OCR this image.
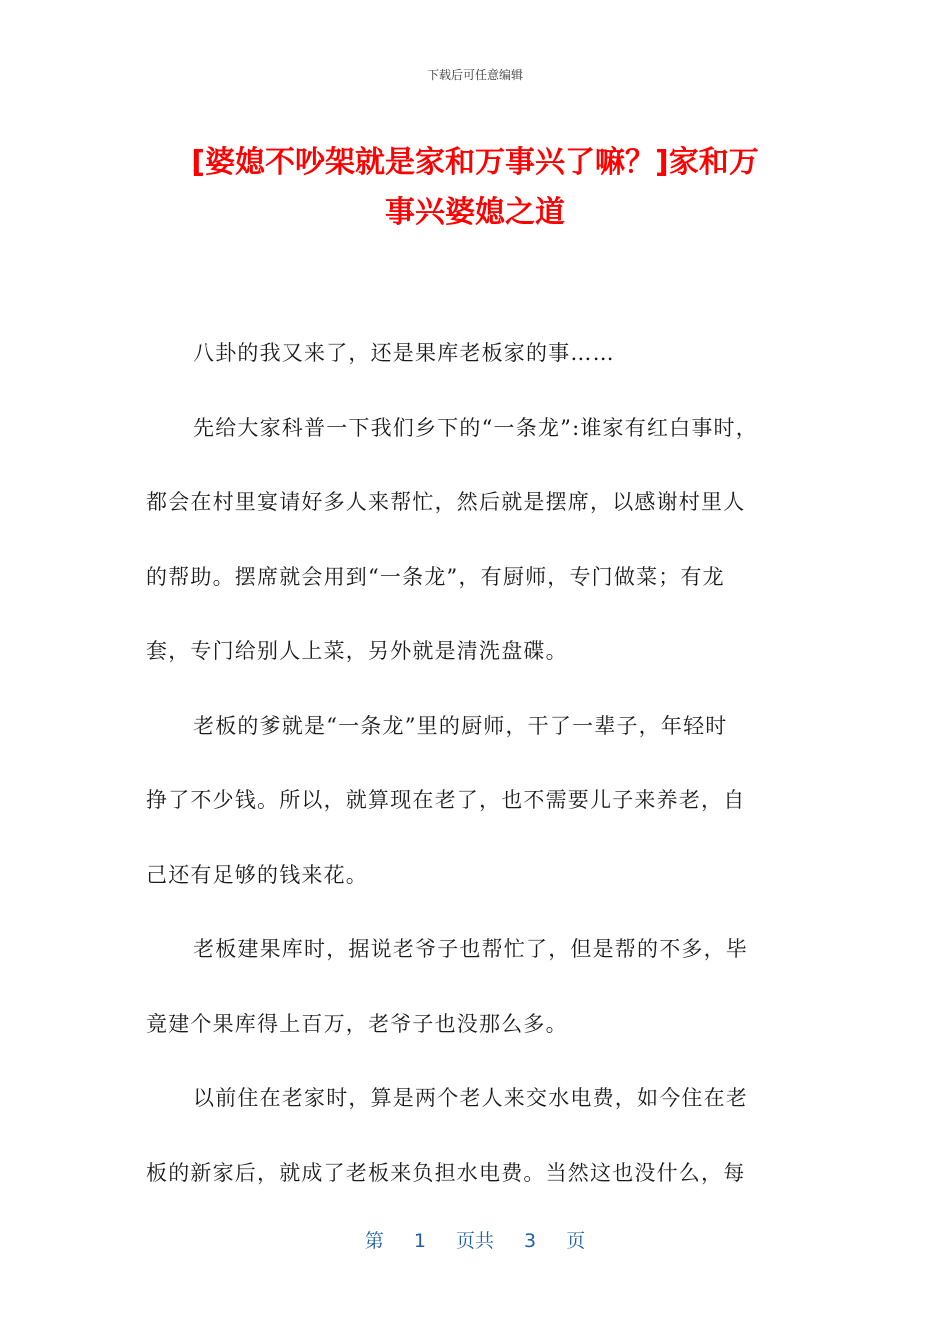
下载后可任意编辑
[婆媳不吵架就是家和万事兴了嘛？]家和万
事兴婆媳之道
八卦的我又来了，还是果库老板家的事……
先给大家科普一下我们乡下的“一条龙”:谁家有红白事时，
都会在村里宴请好多人来帮忙，然后就是摆席，以感谢村里人
的帮助。摆席就会用到“一条龙”，有厨师，专门做菜；有龙
套，专门给别人上菜，另外就是清洗盘碟。
老板的爹就是“一条龙”里的厨师，干了一辈子，年轻时
挣了不少钱。所以，就算现在老了，也不需要儿子来养老，自
己还有足够的钱来花。
老板建果库时，据说老爷子也帮忙了，但是帮的不多，毕
竟建个果库得上百万，老爷子也没那么多。
以前住在老家时，算是两个老人来交水电费，如今住在老
板的新家后，就成了老板来负担水电费。当然这也没什么，每
第 1 页共 3 页
